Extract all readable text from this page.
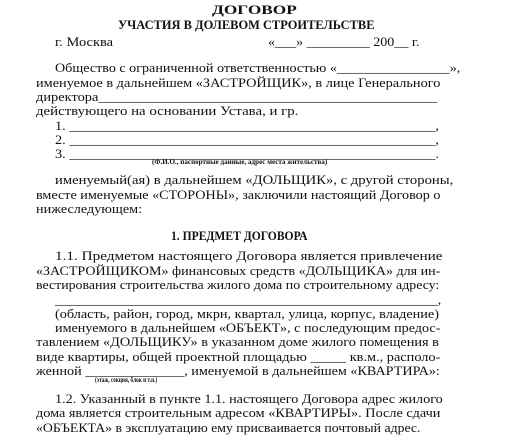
ДОГОВОР
УЧАСТИЯ В ДОЛЕВОМ СТРОИТЕЛЬСТВЕ
г. Москва	«___» _________ 200__ г.
Общество с ограниченной ответственностью «________________»,
именуемое в дальнейшем «ЗАСТРОЙЩИК», в лице Генерального
директора_______________________________________________
действующего на основании Устава, и гр.
1. ___________________________________________________,
2. ___________________________________________________,
3. ___________________________________________________.
(Ф.И.О., паспортные данные, адрес места жительства)
именуемый(ая) в дальнейшем «ДОЛЬЩИК», с другой стороны,
вместе именуемые «СТОРОНЫ», заключили настоящий Договор о
нижеследующем:
1. ПРЕДМЕТ ДОГОВОРА
1.1. Предметом настоящего Договора является привлечение
«ЗАСТРОЙЩИКОМ» финансовых средств «ДОЛЬЩИКА» для ин-
вестирования строительства жилого дома по строительному адресу:
_______________________________________________________,
(область, район, город, мкрн, квартал, улица, корпус, владение)
именуемого в дальнейшем «ОБЪЕКТ», с последующим предос-
тавлением «ДОЛЬЩИКУ» в указанном доме жилого помещения в
виде квартиры, общей проектной площадью _____ кв.м., располо-
женной ______________, именуемой в дальнейшем «КВАРТИРА»:
(этаж, секция, блок и т.п.)
1.2. Указанный в пункте 1.1. настоящего Договора адрес жилого
дома является строительным адресом «КВАРТИРЫ». После сдачи
«ОБЪЕКТА» в эксплуатацию ему присваивается почтовый адрес.
